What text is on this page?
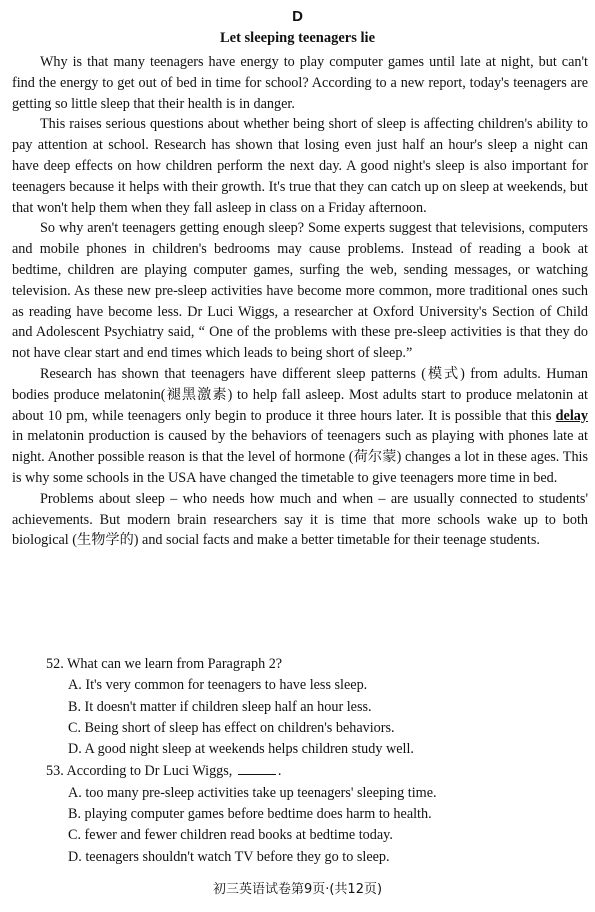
D
Let sleeping teenagers lie

Why is that many teenagers have energy to play computer games until late at night, but can't find the energy to get out of bed in time for school? According to a new report, today's teenagers are getting so little sleep that their health is in danger.

This raises serious questions about whether being short of sleep is affecting children's ability to pay attention at school. Research has shown that losing even just half an hour's sleep a night can have deep effects on how children perform the next day. A good night's sleep is also important for teenagers because it helps with their growth. It's true that they can catch up on sleep at weekends, but that won't help them when they fall asleep in class on a Friday afternoon.

So why aren't teenagers getting enough sleep? Some experts suggest that televisions, computers and mobile phones in children's bedrooms may cause problems. Instead of reading a book at bedtime, children are playing computer games, surfing the web, sending messages, or watching television. As these new pre-sleep activities have become more common, more traditional ones such as reading have become less. Dr Luci Wiggs, a researcher at Oxford University's Section of Child and Adolescent Psychiatry said, “ One of the problems with these pre-sleep activities is that they do not have clear start and end times which leads to being short of sleep.”

Research has shown that teenagers have different sleep patterns (模式) from adults. Human bodies produce melatonin(褪黑激素) to help fall asleep. Most adults start to produce melatonin at about 10 pm, while teenagers only begin to produce it three hours later. It is possible that this delay in melatonin production is caused by the behaviors of teenagers such as playing with phones late at night. Another possible reason is that the level of hormone (荷尔蒙) changes a lot in these ages. This is why some schools in the USA have changed the timetable to give teenagers more time in bed.

Problems about sleep – who needs how much and when – are usually connected to students' achievements. But modern brain researchers say it is time that more schools wake up to both biological (生物学的) and social facts and make a better timetable for their teenage students.

52. What can we learn from Paragraph 2?
A. It's very common for teenagers to have less sleep.
B. It doesn't matter if children sleep half an hour less.
C. Being short of sleep has effect on children's behaviors.
D. A good night sleep at weekends helps children study well.
53. According to Dr Luci Wiggs,	.
A. too many pre-sleep activities take up teenagers' sleeping time.
B. playing computer games before bedtime does harm to health.
C. fewer and fewer children read books at bedtime today.
D. teenagers shouldn't watch TV before they go to sleep.
初三英语试卷第9页·(共12页)
